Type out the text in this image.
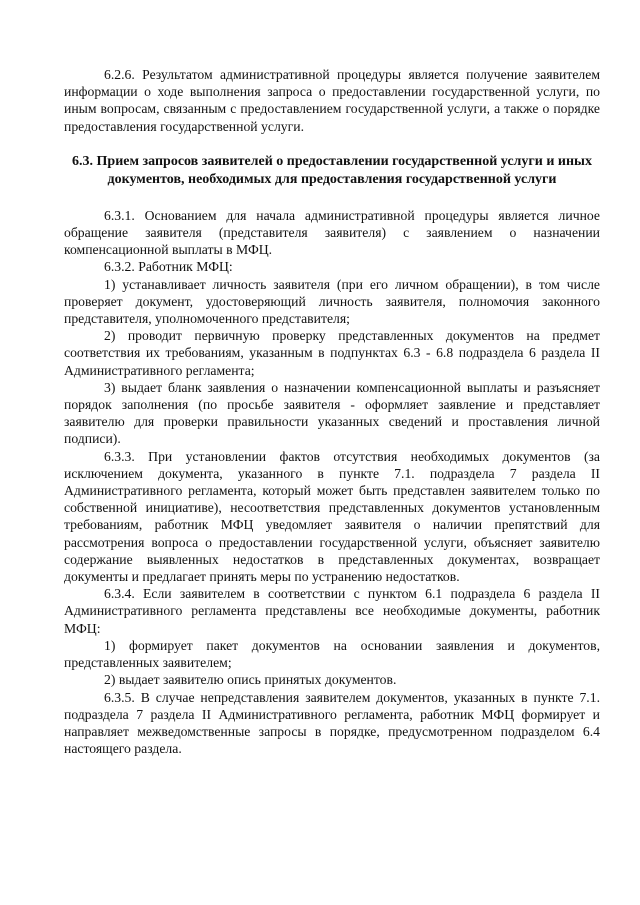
6.2.6. Результатом административной процедуры является получение заявителем информации о ходе выполнения запроса о предоставлении государственной услуги, по иным вопросам, связанным с предоставлением государственной услуги, а также о порядке предоставления государственной услуги.

6.3. Прием запросов заявителей о предоставлении государственной услуги и иных документов, необходимых для предоставления государственной услуги

6.3.1. Основанием для начала административной процедуры является личное обращение заявителя (представителя заявителя) с заявлением о назначении компенсационной выплаты в МФЦ.

6.3.2. Работник МФЦ:

1) устанавливает личность заявителя (при его личном обращении), в том числе проверяет документ, удостоверяющий личность заявителя, полномочия законного представителя, уполномоченного представителя;

2) проводит первичную проверку представленных документов на предмет соответствия их требованиям, указанным в подпунктах 6.3 - 6.8 подраздела 6 раздела II Административного регламента;

3) выдает бланк заявления о назначении компенсационной выплаты и разъясняет порядок заполнения (по просьбе заявителя - оформляет заявление и представляет заявителю для проверки правильности указанных сведений и проставления личной подписи).

6.3.3. При установлении фактов отсутствия необходимых документов (за исключением документа, указанного в пункте 7.1. подраздела 7 раздела II Административного регламента, который может быть представлен заявителем только по собственной инициативе), несоответствия представленных документов установленным требованиям, работник МФЦ уведомляет заявителя о наличии препятствий для рассмотрения вопроса о предоставлении государственной услуги, объясняет заявителю содержание выявленных недостатков в представленных документах, возвращает документы и предлагает принять меры по устранению недостатков.

6.3.4. Если заявителем в соответствии с пунктом 6.1 подраздела 6 раздела II Административного регламента представлены все необходимые документы, работник МФЦ:

1) формирует пакет документов на основании заявления и документов, представленных заявителем;

2) выдает заявителю опись принятых документов.

6.3.5. В случае непредставления заявителем документов, указанных в пункте 7.1. подраздела 7 раздела II Административного регламента, работник МФЦ формирует и направляет межведомственные запросы в порядке, предусмотренном подразделом 6.4 настоящего раздела.
